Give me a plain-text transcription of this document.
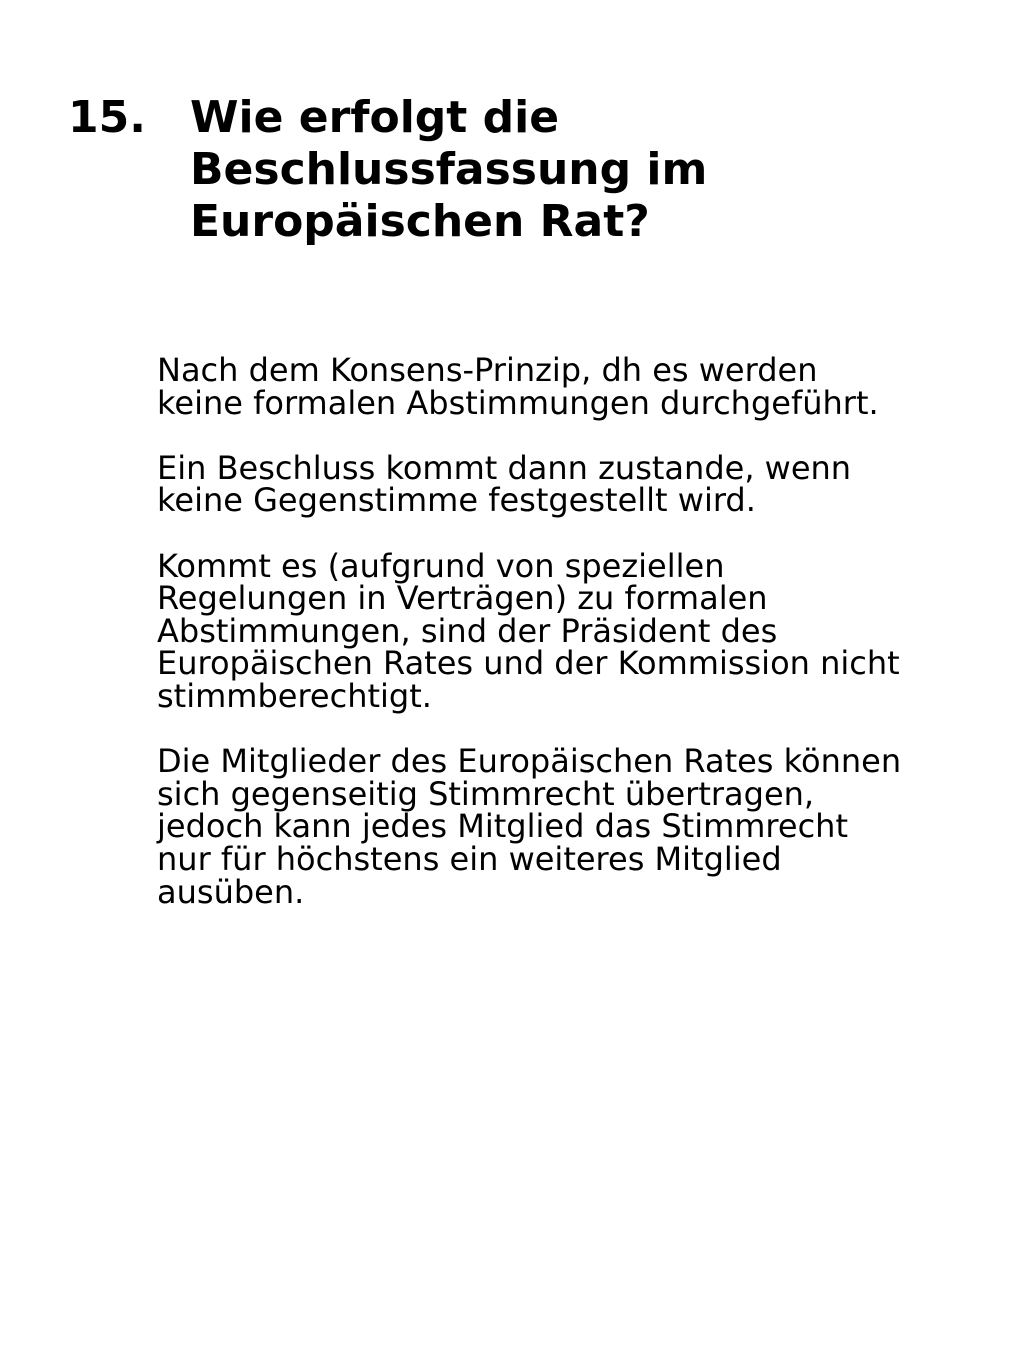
15.	Wie erfolgt die
Beschlussfassung im
Europäischen Rat?

Nach dem Konsens-Prinzip, dh es werden
keine formalen Abstimmungen durchgeführt.

Ein Beschluss kommt dann zustande, wenn
keine Gegenstimme festgestellt wird.

Kommt es (aufgrund von speziellen
Regelungen in Verträgen) zu formalen
Abstimmungen, sind der Präsident des
Europäischen Rates und der Kommission nicht
stimmberechtigt.

Die Mitglieder des Europäischen Rates können
sich gegenseitig Stimmrecht übertragen,
jedoch kann jedes Mitglied das Stimmrecht
nur für höchstens ein weiteres Mitglied
ausüben.
